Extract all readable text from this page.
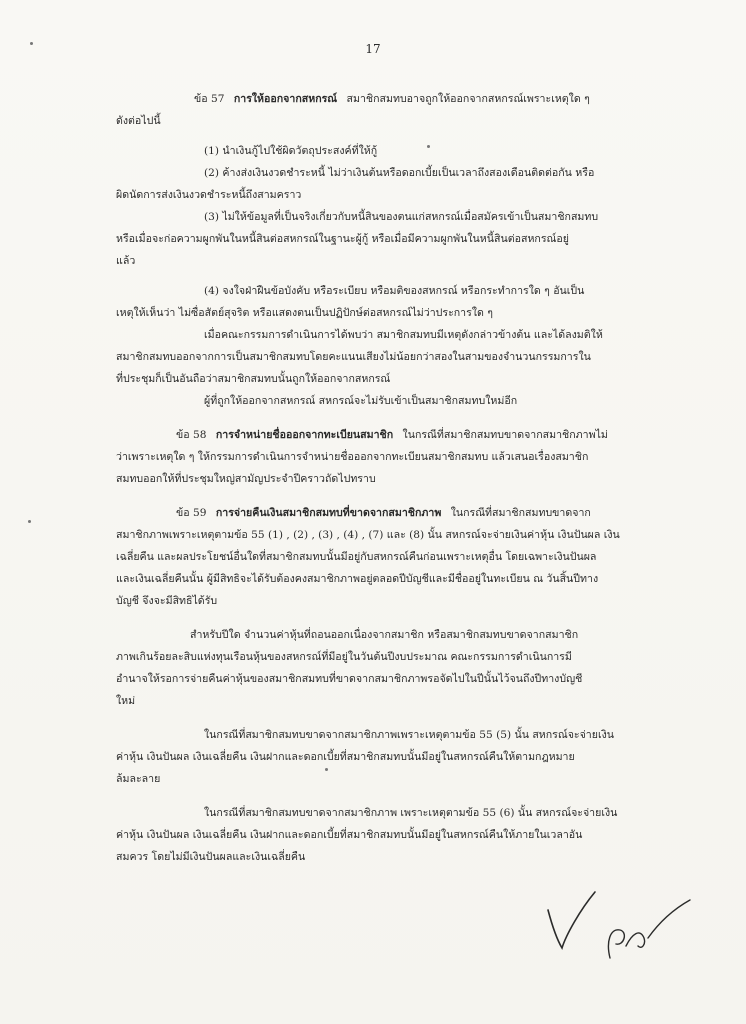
17
ข้อ 57 การให้ออกจากสหกรณ์ สมาชิกสมทบอาจถูกให้ออกจากสหกรณ์เพราะเหตุใด ๆ
ดังต่อไปนี้
(1) นำเงินกู้ไปใช้ผิดวัตถุประสงค์ที่ให้กู้
(2) ค้างส่งเงินงวดชำระหนี้ ไม่ว่าเงินต้นหรือดอกเบี้ยเป็นเวลาถึงสองเดือนติดต่อกัน หรือ
ผิดนัดการส่งเงินงวดชำระหนี้ถึงสามคราว
(3) ไม่ให้ข้อมูลที่เป็นจริงเกี่ยวกับหนี้สินของตนแก่สหกรณ์เมื่อสมัครเข้าเป็นสมาชิกสมทบ
หรือเมื่อจะก่อความผูกพันในหนี้สินต่อสหกรณ์ในฐานะผู้กู้ หรือเมื่อมีความผูกพันในหนี้สินต่อสหกรณ์อยู่
แล้ว
(4) จงใจฝ่าฝืนข้อบังคับ หรือระเบียบ หรือมติของสหกรณ์ หรือกระทำการใด ๆ อันเป็น
เหตุให้เห็นว่า ไม่ซื่อสัตย์สุจริต หรือแสดงตนเป็นปฏิปักษ์ต่อสหกรณ์ไม่ว่าประการใด ๆ
เมื่อคณะกรรมการดำเนินการได้พบว่า สมาชิกสมทบมีเหตุดังกล่าวข้างต้น และได้ลงมติให้
สมาชิกสมทบออกจากการเป็นสมาชิกสมทบโดยคะแนนเสียงไม่น้อยกว่าสองในสามของจำนวนกรรมการใน
ที่ประชุมก็เป็นอันถือว่าสมาชิกสมทบนั้นถูกให้ออกจากสหกรณ์
ผู้ที่ถูกให้ออกจากสหกรณ์ สหกรณ์จะไม่รับเข้าเป็นสมาชิกสมทบใหม่อีก
ข้อ 58 การจำหน่ายชื่อออกจากทะเบียนสมาชิก ในกรณีที่สมาชิกสมทบขาดจากสมาชิกภาพไม่
ว่าเพราะเหตุใด ๆ ให้กรรมการดำเนินการจำหน่ายชื่อออกจากทะเบียนสมาชิกสมทบ แล้วเสนอเรื่องสมาชิก
สมทบออกให้ที่ประชุมใหญ่สามัญประจำปีคราวถัดไปทราบ
ข้อ 59 การจ่ายคืนเงินสมาชิกสมทบที่ขาดจากสมาชิกภาพ ในกรณีที่สมาชิกสมทบขาดจาก
สมาชิกภาพเพราะเหตุตามข้อ 55 (1) , (2) , (3) , (4) , (7) และ (8) นั้น สหกรณ์จะจ่ายเงินค่าหุ้น เงินปันผล เงิน
เฉลี่ยคืน และผลประโยชน์อื่นใดที่สมาชิกสมทบนั้นมีอยู่กับสหกรณ์คืนก่อนเพราะเหตุอื่น โดยเฉพาะเงินปันผล
และเงินเฉลี่ยคืนนั้น ผู้มีสิทธิจะได้รับต้องคงสมาชิกภาพอยู่ตลอดปีบัญชีและมีชื่ออยู่ในทะเบียน ณ วันสิ้นปีทาง
บัญชี จึงจะมีสิทธิได้รับ
สำหรับปีใด จำนวนค่าหุ้นที่ถอนออกเนื่องจากสมาชิก หรือสมาชิกสมทบขาดจากสมาชิก
ภาพเกินร้อยละสิบแห่งทุนเรือนหุ้นของสหกรณ์ที่มีอยู่ในวันต้นปีงบประมาณ คณะกรรมการดำเนินการมี
อำนาจให้รอการจ่ายคืนค่าหุ้นของสมาชิกสมทบที่ขาดจากสมาชิกภาพรอจัดไปในปีนั้นไว้จนถึงปีทางบัญชี
ใหม่
ในกรณีที่สมาชิกสมทบขาดจากสมาชิกภาพเพราะเหตุตามข้อ 55 (5) นั้น สหกรณ์จะจ่ายเงิน
ค่าหุ้น เงินปันผล เงินเฉลี่ยคืน เงินฝากและดอกเบี้ยที่สมาชิกสมทบนั้นมีอยู่ในสหกรณ์คืนให้ตามกฎหมาย
ล้มละลาย
ในกรณีที่สมาชิกสมทบขาดจากสมาชิกภาพ เพราะเหตุตามข้อ 55 (6) นั้น สหกรณ์จะจ่ายเงิน
ค่าหุ้น เงินปันผล เงินเฉลี่ยคืน เงินฝากและดอกเบี้ยที่สมาชิกสมทบนั้นมีอยู่ในสหกรณ์คืนให้ภายในเวลาอัน
สมควร โดยไม่มีเงินปันผลและเงินเฉลี่ยคืน
